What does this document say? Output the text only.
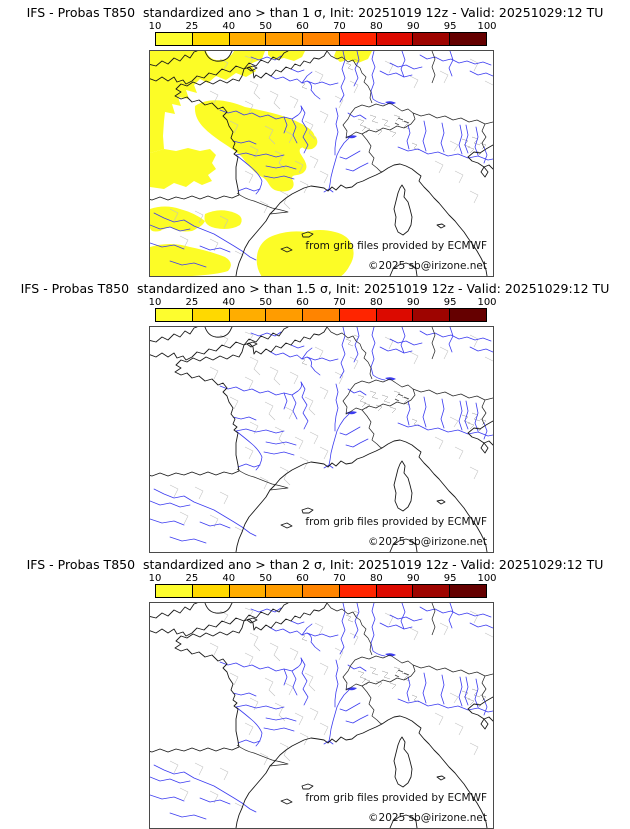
IFS - Probas T850  standardized ano > than 1 σ, Init: 20251019 12z - Valid: 20251029:12 TU
10 25 40 50 60 70 80 90 95 100
from grib files provided by ECMWF
©2025 sb@irizone.net
IFS - Probas T850  standardized ano > than 1.5 σ, Init: 20251019 12z - Valid: 20251029:12 TU
10 25 40 50 60 70 80 90 95 100
from grib files provided by ECMWF
©2025 sb@irizone.net
IFS - Probas T850  standardized ano > than 2 σ, Init: 20251019 12z - Valid: 20251029:12 TU
10 25 40 50 60 70 80 90 95 100
from grib files provided by ECMWF
©2025 sb@irizone.net
